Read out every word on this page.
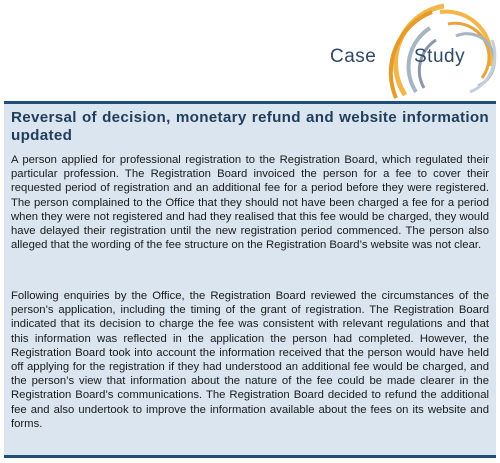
Case Study
Reversal of decision, monetary refund and website information updated

A person applied for professional registration to the Registration Board, which regulated their particular profession. The Registration Board invoiced the person for a fee to cover their requested period of registration and an additional fee for a period before they were registered. The person complained to the Office that they should not have been charged a fee for a period when they were not registered and had they realised that this fee would be charged, they would have delayed their registration until the new registration period commenced. The person also alleged that the wording of the fee structure on the Registration Board’s website was not clear.

Following enquiries by the Office, the Registration Board reviewed the circumstances of the person’s application, including the timing of the grant of registration. The Registration Board indicated that its decision to charge the fee was consistent with relevant regulations and that this information was reflected in the application the person had completed. However, the Registration Board took into account the information received that the person would have held off applying for the registration if they had understood an additional fee would be charged, and the person’s view that information about the nature of the fee could be made clearer in the Registration Board’s communications. The Registration Board decided to refund the additional fee and also undertook to improve the information available about the fees on its website and forms.
